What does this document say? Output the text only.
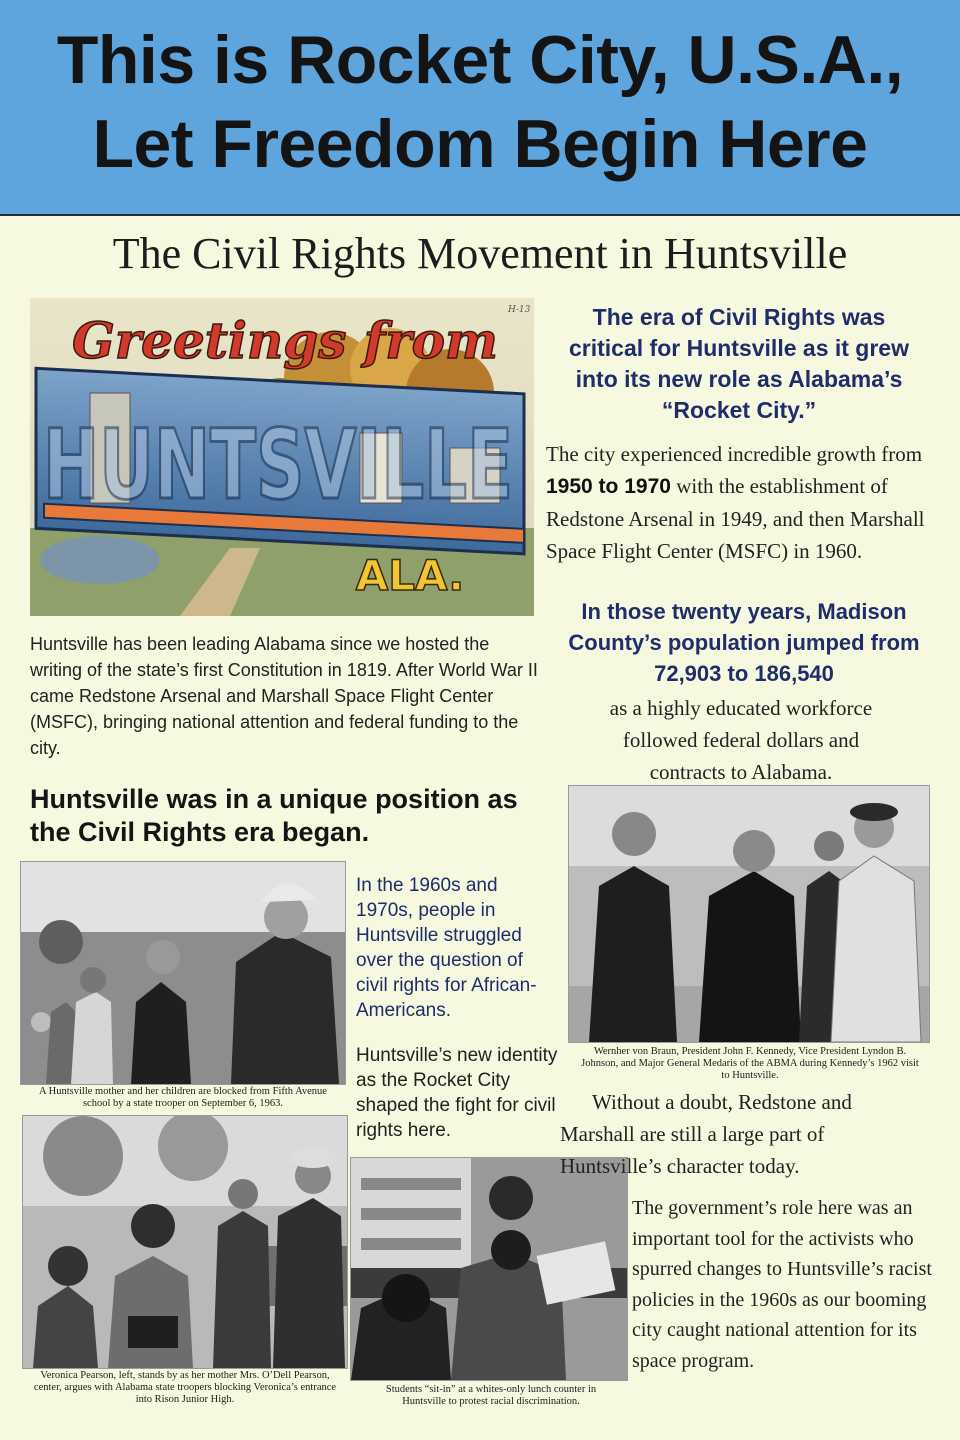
This is Rocket City, U.S.A.,
Let Freedom Begin Here
The Civil Rights Movement in Huntsville
Greetings from
HUNTSVILLE
ALA.
H-13
Huntsville has been leading Alabama since we hosted the writing of the state’s first Constitution in 1819. After World War II came Redstone Arsenal and Marshall Space Flight Center (MSFC), bringing national attention and federal funding to the city.
Huntsville was in a unique position as the Civil Rights era began.
A Huntsville mother and her children are blocked from Fifth Avenue school by a state trooper on September 6, 1963.
In the 1960s and 1970s, people in Huntsville struggled over the question of civil rights for African-Americans.
Huntsville’s new identity as the Rocket City shaped the fight for civil rights here.
Veronica Pearson, left, stands by as her mother Mrs. O’Dell Pearson, center, argues with Alabama state troopers blocking Veronica’s entrance into Rison Junior High.
Students “sit-in” at a whites-only lunch counter in Huntsville to protest racial discrimination.
The era of Civil Rights was critical for Huntsville as it grew into its new role as Alabama’s “Rocket City.”
The city experienced incredible growth from 1950 to 1970 with the establishment of Redstone Arsenal in 1949, and then Marshall Space Flight Center (MSFC) in 1960.
In those twenty years, Madison County’s population jumped from 72,903 to 186,540
as a highly educated workforce followed federal dollars and contracts to Alabama.
Wernher von Braun, President John F. Kennedy, Vice President Lyndon B. Johnson, and Major General Medaris of the ABMA during Kennedy’s 1962 visit to Huntsville.
Without a doubt, Redstone and Marshall are still a large part of Huntsville’s character today.
The government’s role here was an important tool for the activists who spurred changes to Huntsville’s racist policies in the 1960s as our booming city caught national attention for its space program.
